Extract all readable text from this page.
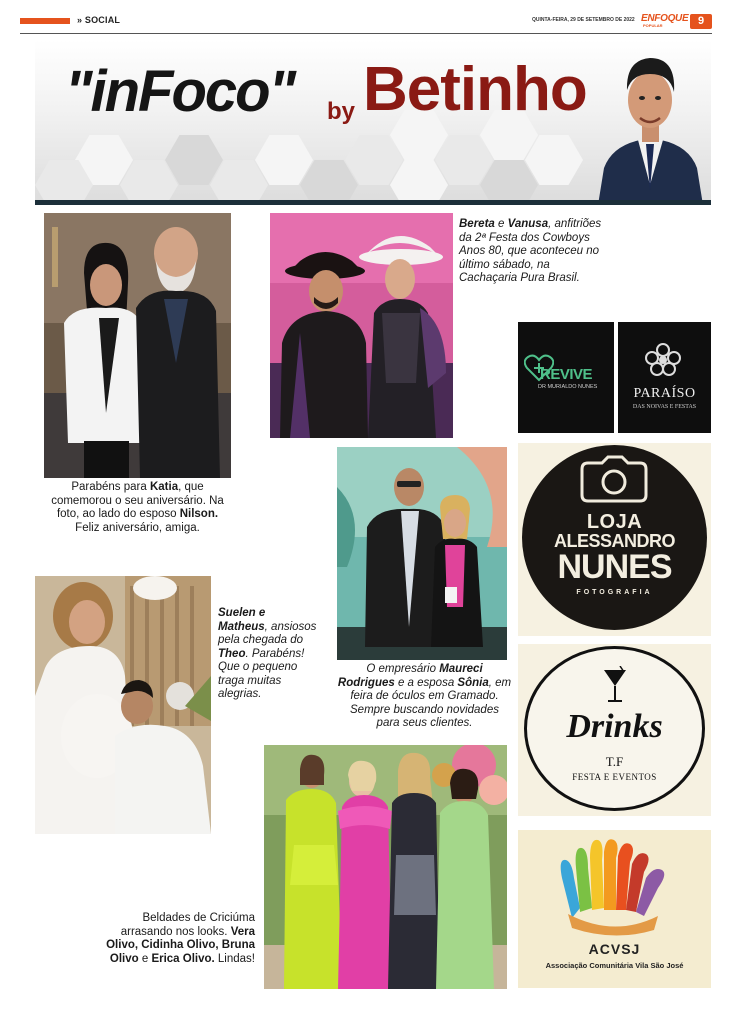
» SOCIAL	QUINTA-FEIRA, 29 DE SETEMBRO DE 2022 ENFOQUE
POPULAR	9
"inFoco" by Betinho
Parabéns para Katia, que comemorou o seu aniversário. Na foto, ao lado do esposo Nilson. Feliz aniversário, amiga.
Bereta e Vanusa, anfitriões da 2ª Festa dos Cowboys Anos 80, que aconteceu no último sábado, na Cachaçaria Pura Brasil.
O empresário Maureci Rodrigues e a esposa Sônia, em feira de óculos em Gramado. Sempre buscando novidades para seus clientes.
Suelen e Matheus, ansiosos pela chegada do Theo. Parabéns! Que o pequeno traga muitas alegrias.
Beldades de Criciúma arrasando nos looks. Vera Olivo, Cidinha Olivo, Bruna Olivo e Erica Olivo. Lindas!
REVIVE
DR MURIALDO NUNES	PARAÍSO
DAS NOIVAS E FESTAS
LOJA
ALESSANDRO
NUNES
FOTOGRAFIA
Drinks
T.F
FESTA E EVENTOS
ACVSJ
Associação Comunitária Vila São José
